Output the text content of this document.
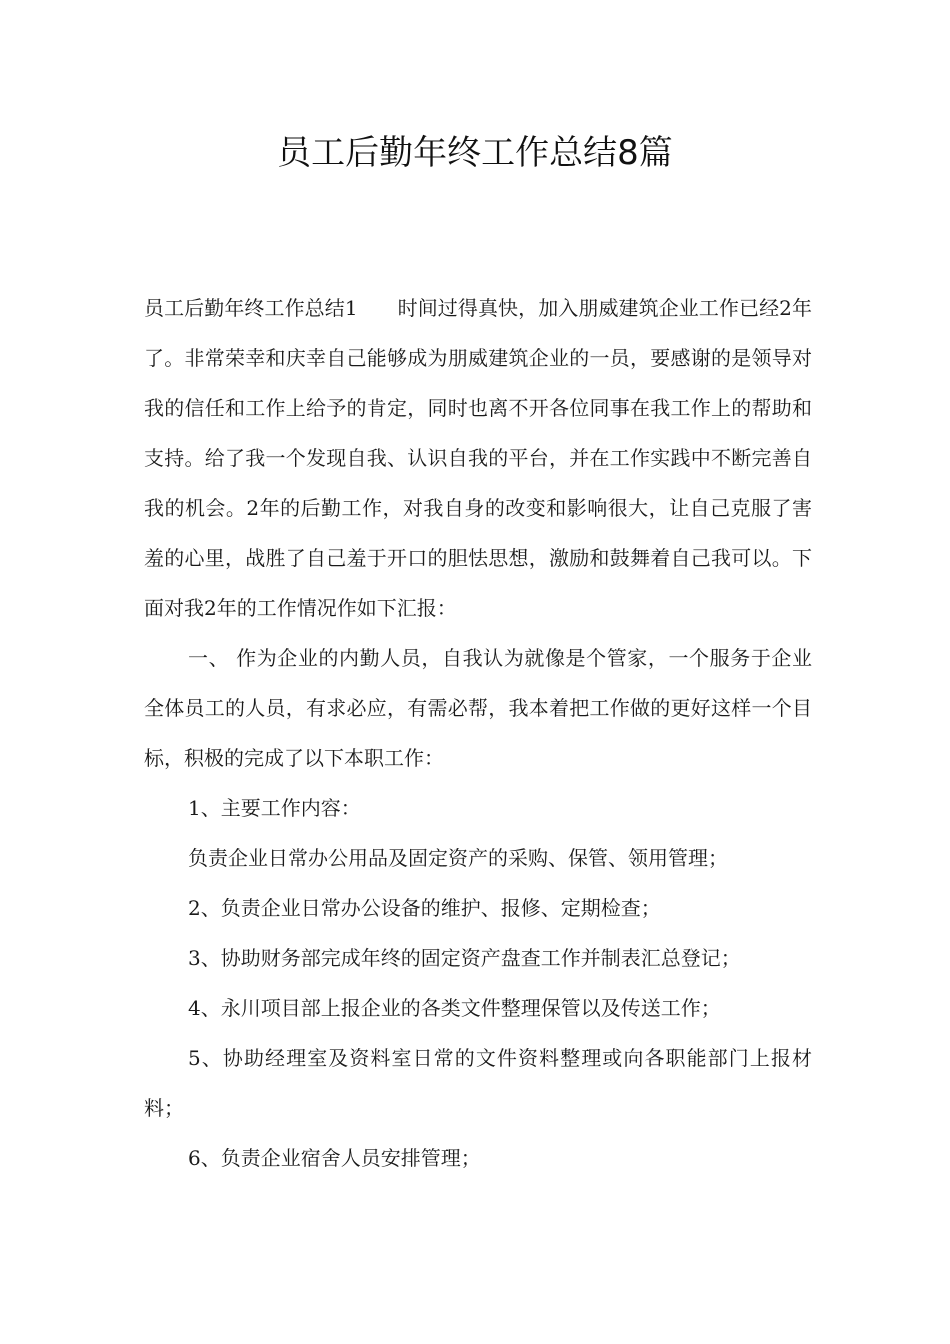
员工后勤年终工作总结8篇

员工后勤年终工作总结1 时间过得真快，加入朋威建筑企业工作已经2年了。非常荣幸和庆幸自己能够成为朋威建筑企业的一员，要感谢的是领导对我的信任和工作上给予的肯定，同时也离不开各位同事在我工作上的帮助和支持。给了我一个发现自我、认识自我的平台，并在工作实践中不断完善自我的机会。2年的后勤工作，对我自身的改变和影响很大，让自己克服了害羞的心里，战胜了自己羞于开口的胆怯思想，激励和鼓舞着自己我可以。下面对我2年的工作情况作如下汇报：

一、 作为企业的内勤人员，自我认为就像是个管家，一个服务于企业全体员工的人员，有求必应，有需必帮，我本着把工作做的更好这样一个目标，积极的完成了以下本职工作：

1、主要工作内容：

负责企业日常办公用品及固定资产的采购、保管、领用管理；

2、负责企业日常办公设备的维护、报修、定期检查；

3、协助财务部完成年终的固定资产盘查工作并制表汇总登记；

4、永川项目部上报企业的各类文件整理保管以及传送工作；

5、协助经理室及资料室日常的文件资料整理或向各职能部门上报材料；

6、负责企业宿舍人员安排管理；
